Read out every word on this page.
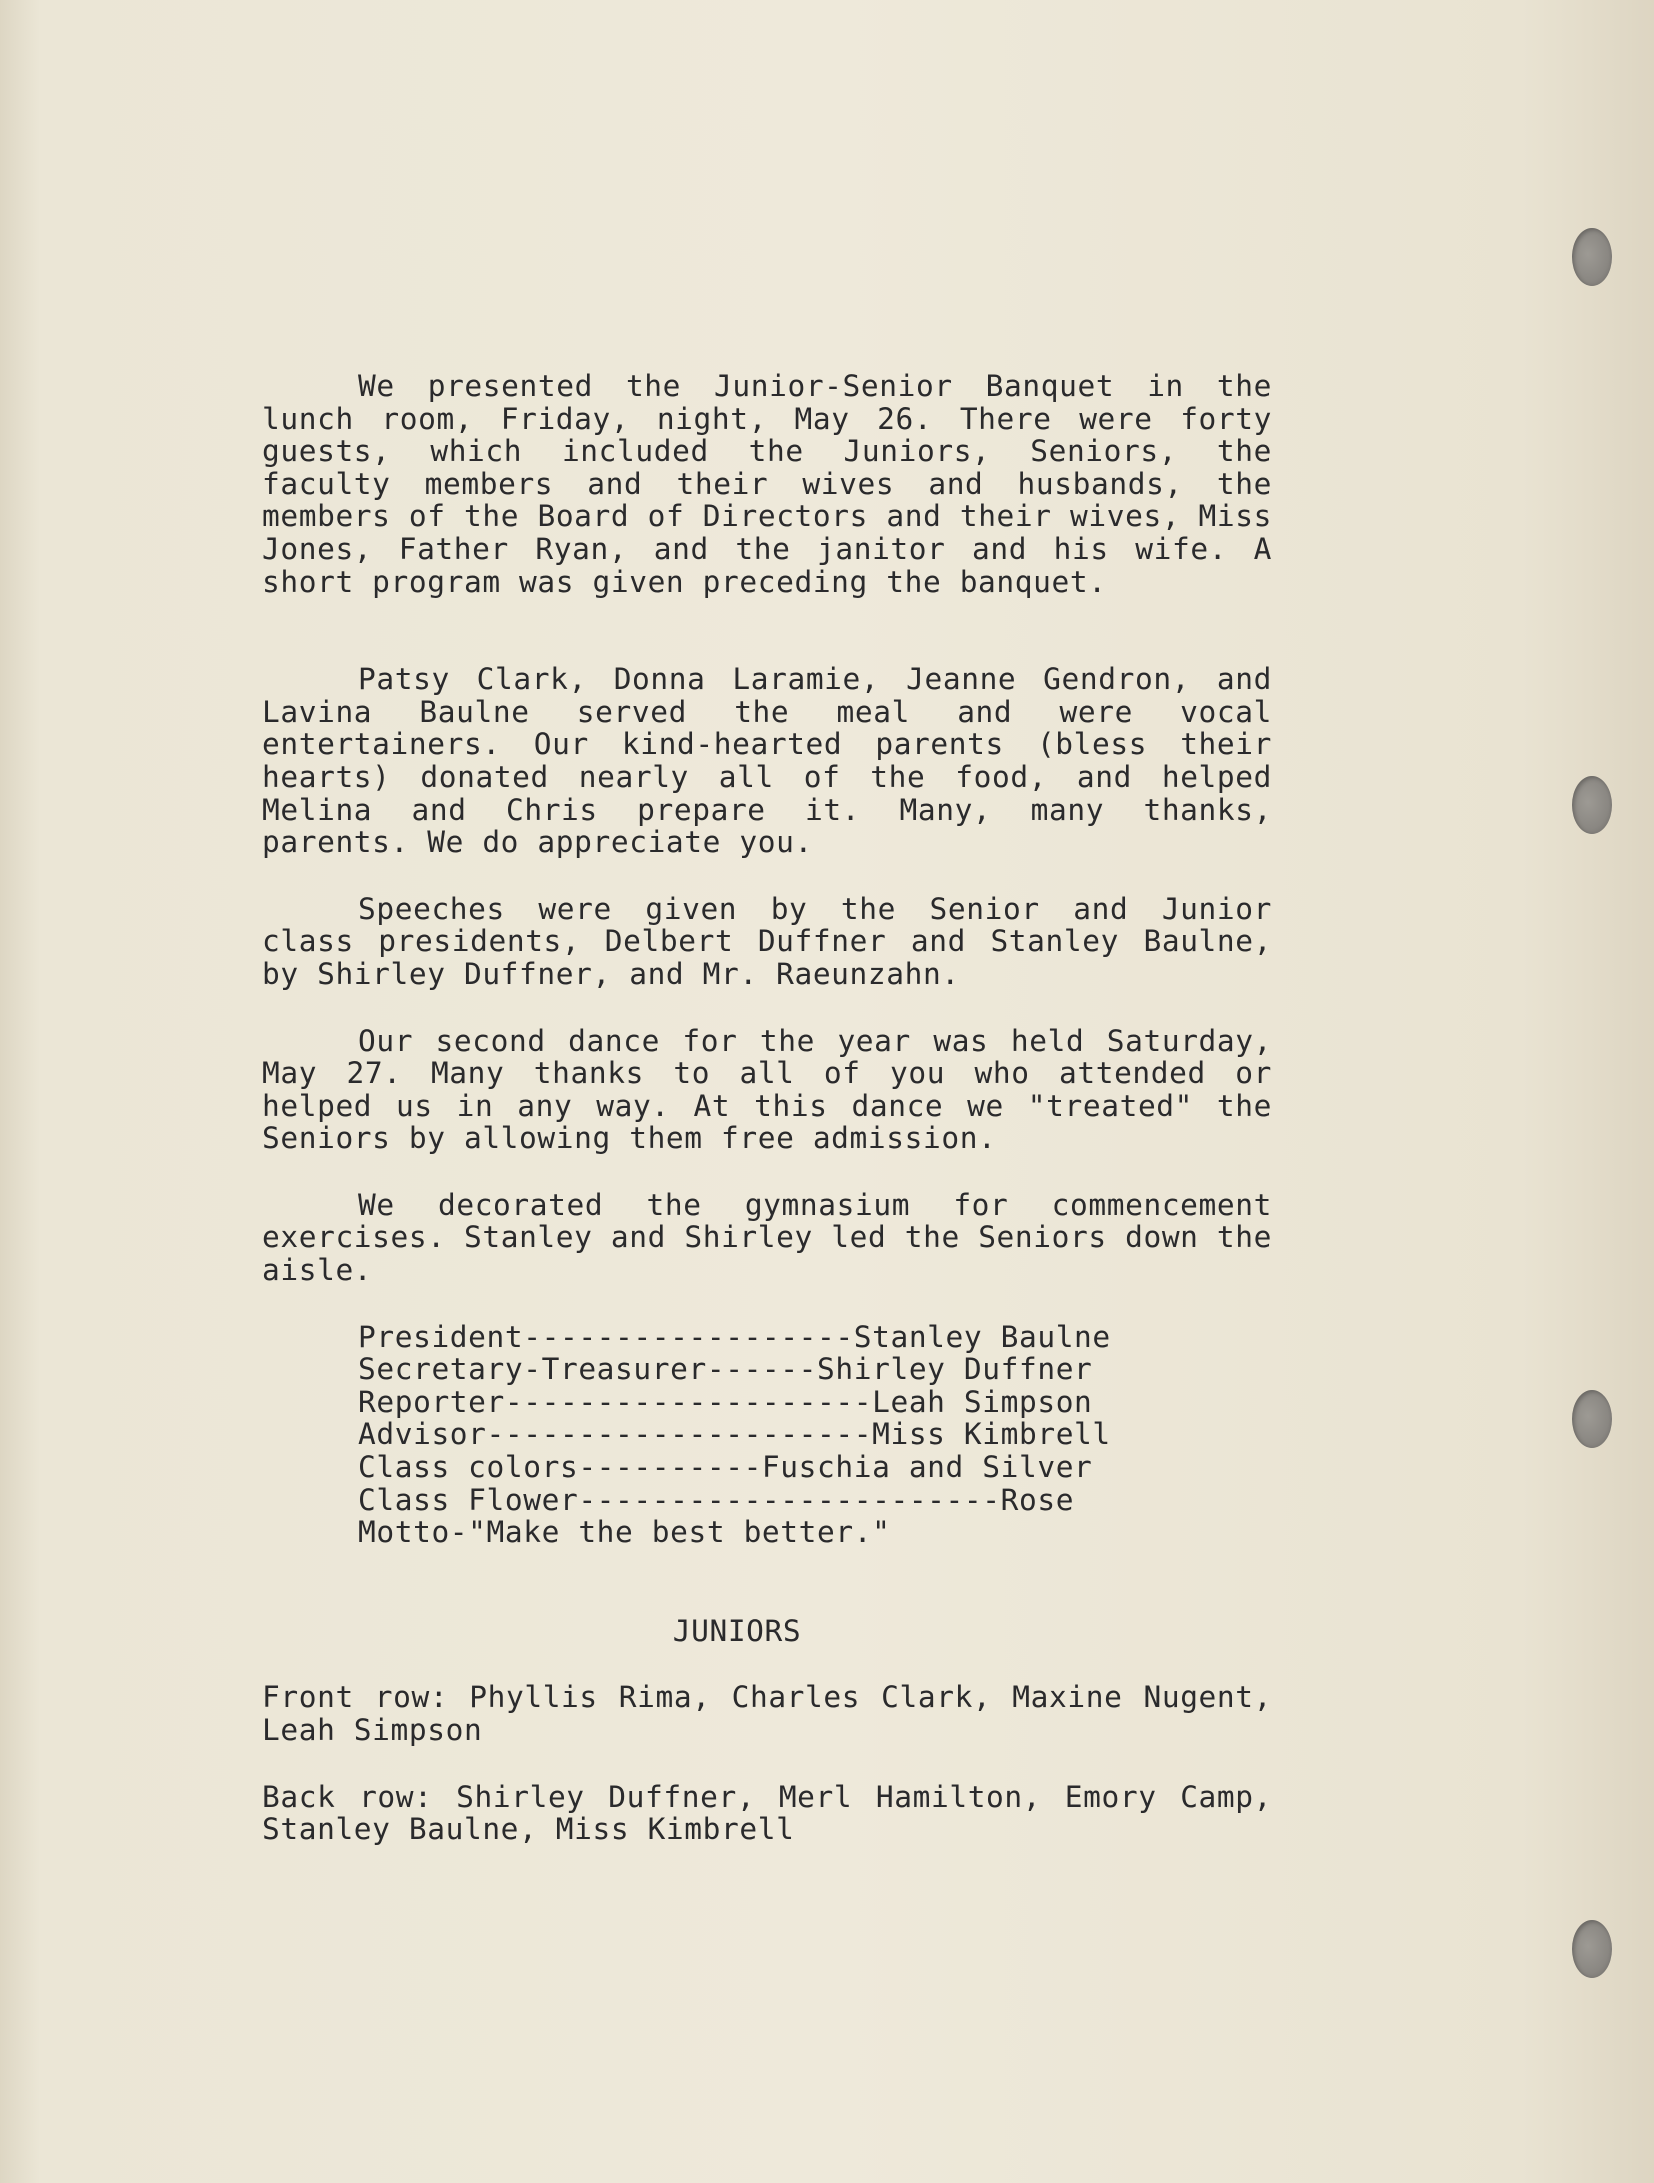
We presented the Junior-Senior Banquet in the lunch room, Friday, night, May 26. There were forty guests, which included the Juniors, Seniors, the faculty members and their wives and husbands, the members of the Board of Directors and their wives, Miss Jones, Father Ryan, and the janitor and his wife. A short program was given preceding the banquet.

Patsy Clark, Donna Laramie, Jeanne Gendron, and Lavina Baulne served the meal and were vocal entertainers. Our kind-hearted parents (bless their hearts) donated nearly all of the food, and helped Melina and Chris prepare it. Many, many thanks, parents. We do appreciate you.

Speeches were given by the Senior and Junior class presidents, Delbert Duffner and Stanley Baulne, by Shirley Duffner, and Mr. Raeunzahn.

Our second dance for the year was held Saturday, May 27. Many thanks to all of you who attended or helped us in any way. At this dance we "treated" the Seniors by allowing them free admission.

We decorated the gymnasium for commencement exercises. Stanley and Shirley led the Seniors down the aisle.

President------------------Stanley Baulne
Secretary-Treasurer------Shirley Duffner
Reporter--------------------Leah Simpson
Advisor---------------------Miss Kimbrell
Class colors----------Fuschia and Silver
Class Flower-----------------------Rose
Motto-"Make the best better."
JUNIORS

Front row: Phyllis Rima, Charles Clark, Maxine Nugent, Leah Simpson

Back row: Shirley Duffner, Merl Hamilton, Emory Camp, Stanley Baulne, Miss Kimbrell
